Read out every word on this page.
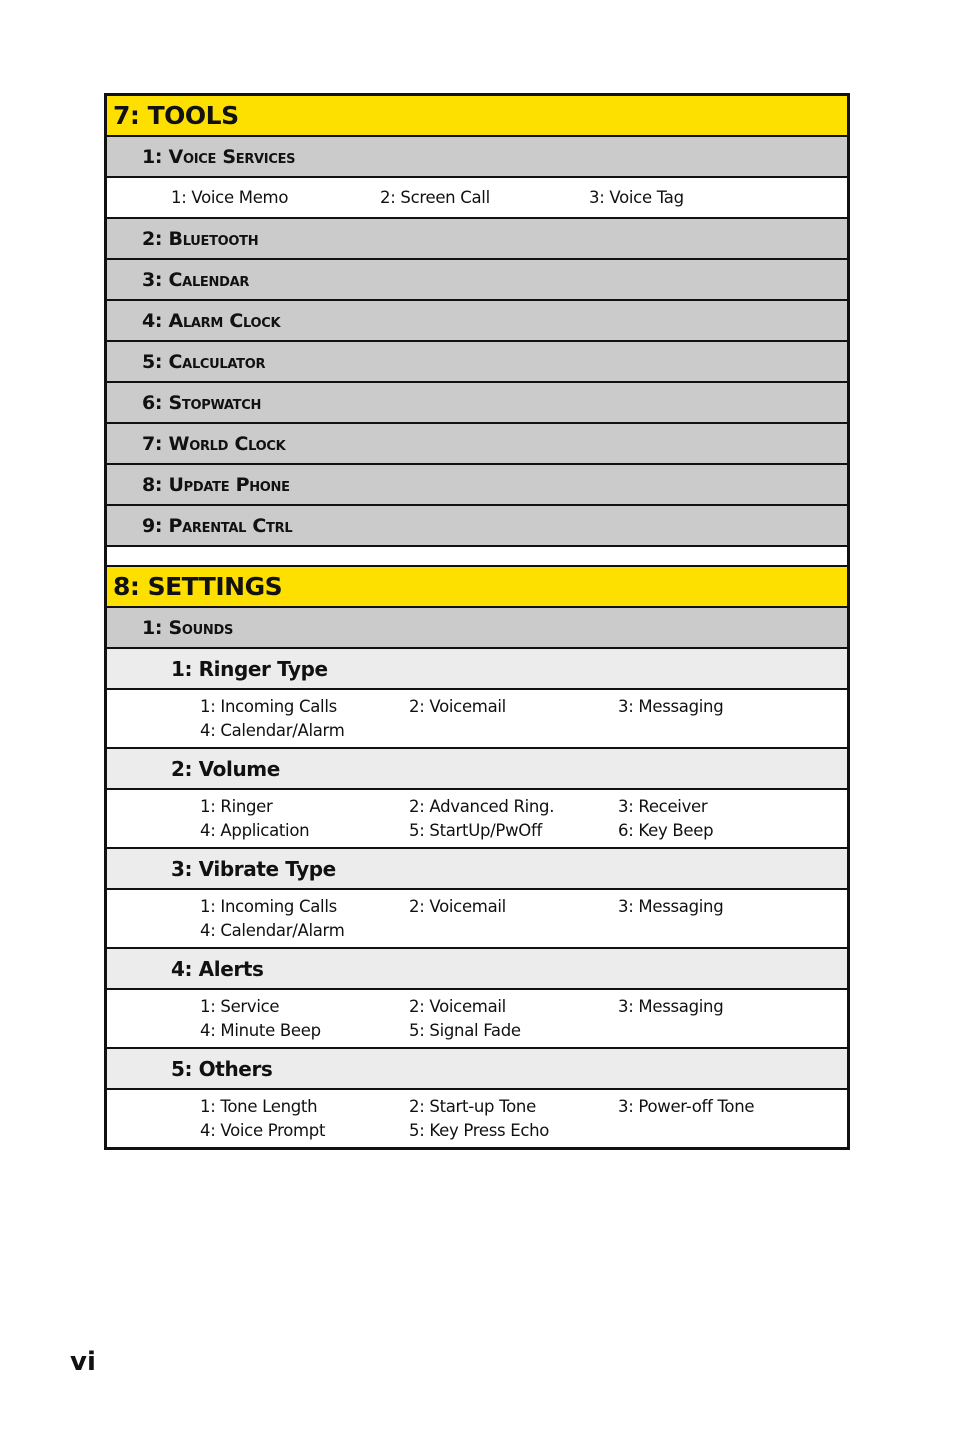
7: TOOLS
1: Voice Services
1: Voice Memo	2: Screen Call	3: Voice Tag
2: Bluetooth
3: Calendar
4: Alarm Clock
5: Calculator
6: Stopwatch
7: World Clock
8: Update Phone
9: Parental Ctrl
8: SETTINGS
1: Sounds
1: Ringer Type
1: Incoming Calls	2: Voicemail	3: Messaging
4: Calendar/Alarm
2: Volume
1: Ringer	2: Advanced Ring.	3: Receiver
4: Application	5: StartUp/PwOff	6: Key Beep
3: Vibrate Type
1: Incoming Calls	2: Voicemail	3: Messaging
4: Calendar/Alarm
4: Alerts
1: Service	2: Voicemail	3: Messaging
4: Minute Beep	5: Signal Fade
5: Others
1: Tone Length	2: Start-up Tone	3: Power-off Tone
4: Voice Prompt	5: Key Press Echo
vi
